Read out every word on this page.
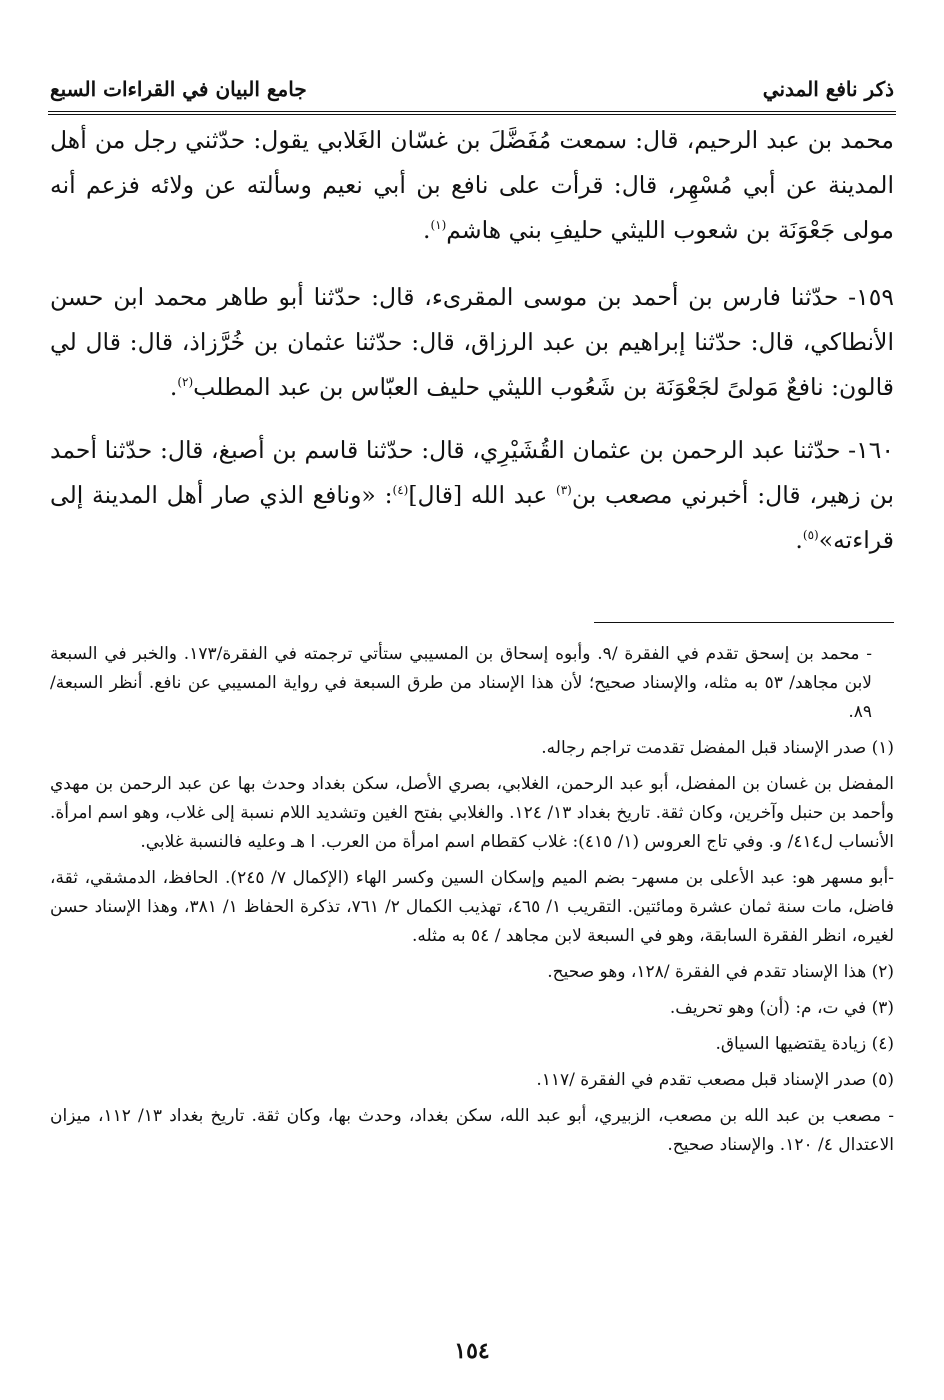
ذكر نافع المدني
جامع البيان في القراءات السبع

محمد بن عبد الرحيم، قال: سمعت مُفَضَّلَ بن غسّان الغَلابي يقول: حدّثني رجل من أهل المدينة عن أبي مُسْهِر، قال: قرأت على نافع بن أبي نعيم وسألته عن ولائه فزعم أنه مولى جَعْوَنَة بن شعوب الليثي حليفِ بني هاشم$^{(١)}$.

١٥٩- حدّثنا فارس بن أحمد بن موسى المقرىء، قال: حدّثنا أبو طاهر محمد ابن حسن الأنطاكي، قال: حدّثنا إبراهيم بن عبد الرزاق، قال: حدّثنا عثمان بن خُرَّزاذ، قال: قال لي قالون: نافعٌ مَولىً لجَعْوَنَة بن شَعُوب الليثي حليف العبّاس بن عبد المطلب$^{(٢)}$.

١٦٠- حدّثنا عبد الرحمن بن عثمان القُشَيْرِي، قال: حدّثنا قاسم بن أصبغ، قال: حدّثنا أحمد بن زهير، قال: أخبرني مصعب بن$^{(٣)}$ عبد الله [قال]$^{(٤)}$: «ونافع الذي صار أهل المدينة إلى قراءته»$^{(٥)}$.

- محمد بن إسحق تقدم في الفقرة /٩. وأبوه إسحاق بن المسيبي ستأتي ترجمته في الفقرة/١٧٣. والخبر في السبعة لابن مجاهد/ ٥٣ به مثله، والإسناد صحيح؛ لأن هذا الإسناد من طرق السبعة في رواية المسيبي عن نافع. أنظر السبعة/٨٩.

(١) صدر الإسناد قبل المفضل تقدمت تراجم رجاله.

المفضل بن غسان بن المفضل، أبو عبد الرحمن، الغلابي، بصري الأصل، سكن بغداد وحدث بها عن عبد الرحمن بن مهدي وأحمد بن حنبل وآخرين، وكان ثقة. تاريخ بغداد ١٣/ ١٢٤. والغلابي بفتح الغين وتشديد اللام نسبة إلى غلاب، وهو اسم امرأة. الأنساب ل٤١٤/ و. وفي تاج العروس (١/ ٤١٥): غلاب كقطام اسم امرأة من العرب. ا هـ وعليه فالنسبة غلابي.

-أبو مسهر هو: عبد الأعلى بن مسهر- بضم الميم وإسكان السين وكسر الهاء (الإكمال ٧/ ٢٤٥). الحافظ، الدمشقي، ثقة، فاضل، مات سنة ثمان عشرة ومائتين. التقريب ١/ ٤٦٥، تهذيب الكمال ٢/ ٧٦١، تذكرة الحفاظ ١/ ٣٨١، وهذا الإسناد حسن لغيره، انظر الفقرة السابقة، وهو في السبعة لابن مجاهد / ٥٤ به مثله.

(٢) هذا الإسناد تقدم في الفقرة /١٢٨، وهو صحيح.

(٣) في ت، م: (أن) وهو تحريف.

(٤) زيادة يقتضيها السياق.

(٥) صدر الإسناد قبل مصعب تقدم في الفقرة /١١٧.

- مصعب بن عبد الله بن مصعب، الزبيري، أبو عبد الله، سكن بغداد، وحدث بها، وكان ثقة. تاريخ بغداد ١٣/ ١١٢، ميزان الاعتدال ٤/ ١٢٠. والإسناد صحيح.

١٥٤
